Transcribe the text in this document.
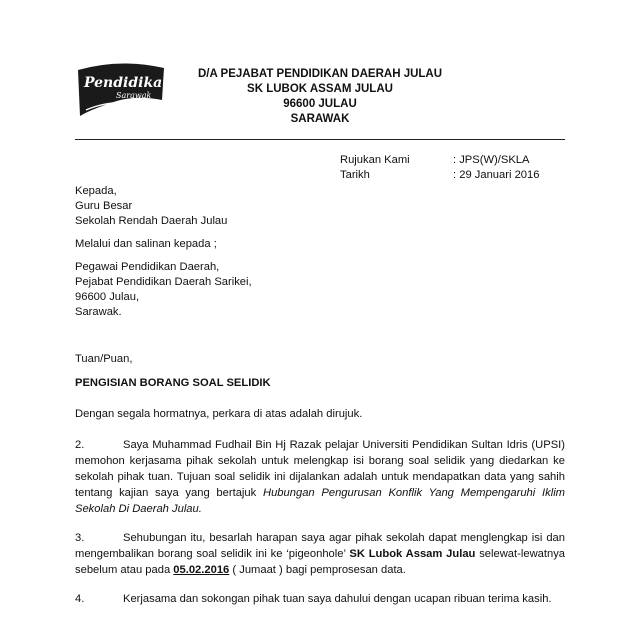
Pendidikan
Sarawak
D/A PEJABAT PENDIDIKAN DAERAH JULAU
SK LUBOK ASSAM JULAU
96600 JULAU
SARAWAK
Rujukan Kami	: JPS(W)/SKLA
Tarikh	: 29 Januari 2016
Kepada,
Guru Besar
Sekolah Rendah Daerah Julau
Melalui dan salinan kepada ;
Pegawai Pendidikan Daerah,
Pejabat Pendidikan Daerah Sarikei,
96600 Julau,
Sarawak.
Tuan/Puan,
PENGISIAN BORANG SOAL SELIDIK
Dengan segala hormatnya, perkara di atas adalah dirujuk.
2.	Saya Muhammad Fudhail Bin Hj Razak pelajar Universiti Pendidikan Sultan Idris (UPSI)
memohon kerjasama pihak sekolah untuk melengkap isi borang soal selidik yang diedarkan ke
sekolah pihak tuan. Tujuan soal selidik ini dijalankan adalah untuk mendapatkan data yang sahih
tentang kajian saya yang bertajuk Hubungan Pengurusan Konflik Yang Mempengaruhi Iklim
Sekolah Di Daerah Julau.
3.	Sehubungan itu, besarlah harapan saya agar pihak sekolah dapat menglengkap isi dan
mengembalikan borang soal selidik ini ke ‘pigeonhole’ SK Lubok Assam Julau selewat-lewatnya
sebelum atau pada 05.02.2016 ( Jumaat ) bagi pemprosesan data.
4.	Kerjasama dan sokongan pihak tuan saya dahului dengan ucapan ribuan terima kasih.
